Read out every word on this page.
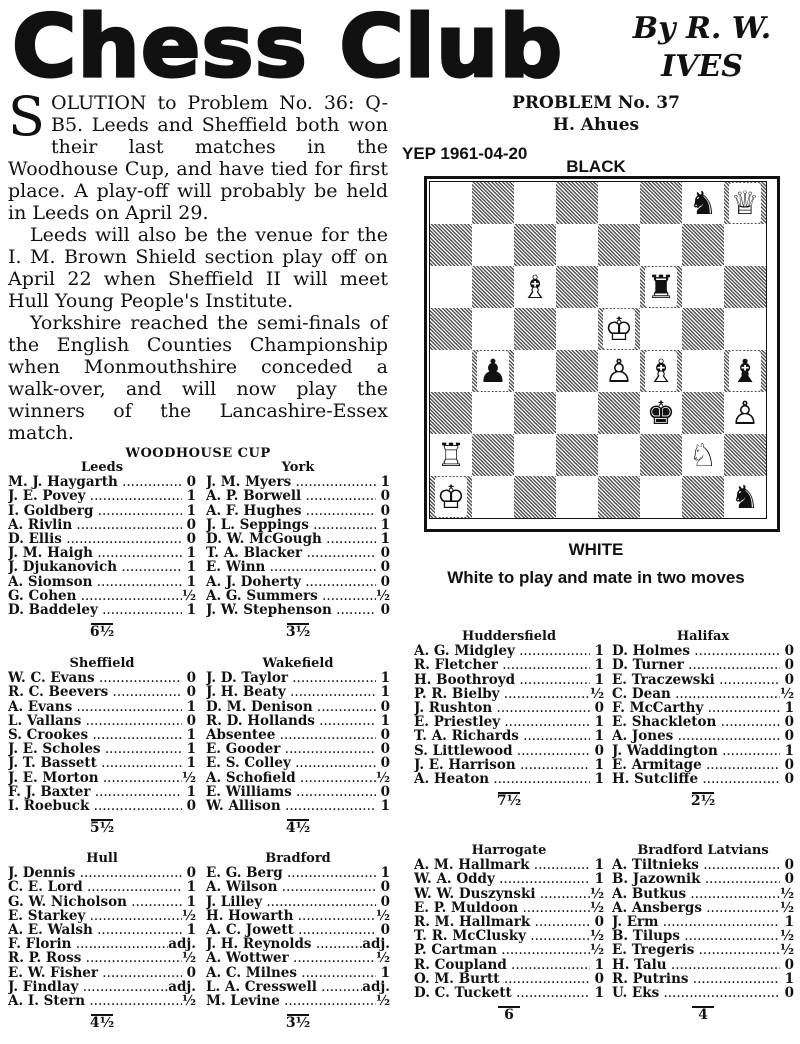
Chess Club	By R. W.
IVES

SOLUTION to Problem No. 36: Q-B5. Leeds and Sheffield both won their last matches in the Woodhouse Cup, and have tied for first place. A play-off will probably be held in Leeds on April 29.

Leeds will also be the venue for the I. M. Brown Shield section play off on April 22 when Sheffield II will meet Hull Young People's Institute.

Yorkshire reached the semi-finals of the English Counties Championship when Monmouthshire conceded a walk-over, and will now play the winners of the Lancashire-Essex match.

PROBLEM No. 37
H. Ahues
YEP 1961-04-20
BLACK
♞ ♕
♗	♜
♔
♟	♙ ♗ ♝
♚ ♙
♖	♘
♔	♞
WHITE
White to play and mate in two moves
WOODHOUSE CUP
Leeds
M. J. Haygarth .....	0
J. E. Povey .....	1
I. Goldberg .....	1
A. Rivlin .....	0
D. Ellis .....	0
J. M. Haigh .....	1
J. Djukanovich .....	1
A. Siomson .....	1
G. Cohen .....	½
D. Baddeley .....	1
6½
York
J. M. Myers .....	1
A. P. Borwell .....	0
A. F. Hughes .....	0
J. L. Seppings .....	1
D. W. McGough .....	1
T. A. Blacker .....	0
E. Winn .....	0
A. J. Doherty .....	0
A. G. Summers .....	½
J. W. Stephenson .....	0
3½
Sheffield
W. C. Evans .....	0
R. C. Beevers .....	0
A. Evans .....	1
L. Vallans .....	0
S. Crookes .....	1
J. E. Scholes .....	1
J. T. Bassett .....	1
J. E. Morton .....	½
F. J. Baxter .....	1
I. Roebuck .....	0
5½
Wakefield
J. D. Taylor .....	1
J. H. Beaty .....	1
D. M. Denison .....	0
R. D. Hollands .....	1
Absentee .....	0
E. Gooder .....	0
E. S. Colley .....	0
A. Schofield .....	½
E. Williams .....	0
W. Allison .....	1
4½
Hull
J. Dennis .....	0
C. E. Lord .....	1
G. W. Nicholson .....	1
E. Starkey .....	½
A. E. Walsh .....	1
F. Florin .....	adj.
R. P. Ross .....	½
E. W. Fisher .....	0
J. Findlay .....	adj.
A. I. Stern .....	½
4½
Bradford
E. G. Berg .....	1
A. Wilson .....	0
J. Lilley .....	0
H. Howarth .....	½
A. C. Jowett .....	0
J. H. Reynolds .....	adj.
A. Wottwer .....	½
A. C. Milnes .....	1
L. A. Cresswell .....	adj.
M. Levine .....	½
3½
Huddersfield
A. G. Midgley .....	1
R. Fletcher .....	1
H. Boothroyd .....	1
P. R. Bielby .....	½
J. Rushton .....	0
E. Priestley .....	1
T. A. Richards .....	1
S. Littlewood .....	0
J. E. Harrison .....	1
A. Heaton .....	1
7½
Halifax
D. Holmes .....	0
D. Turner .....	0
E. Traczewski .....	0
C. Dean .....	½
F. McCarthy .....	1
E. Shackleton .....	0
A. Jones .....	0
J. Waddington .....	1
E. Armitage .....	0
H. Sutcliffe .....	0
2½
Harrogate
A. M. Hallmark .....	1
W. A. Oddy .....	1
W. W. Duszynski .....	½
E. P. Muldoon .....	½
R. M. Hallmark .....	0
T. R. McClusky .....	½
P. Cartman .....	½
R. Coupland .....	1
O. M. Burtt .....	0
D. C. Tuckett .....	1
6
Bradford Latvians
A. Tiltnieks .....	0
B. Jazownik .....	0
A. Butkus .....	½
A. Ansbergs .....	½
J. Erm .....	1
B. Tilups .....	½
E. Tregeris .....	½
H. Talu .....	0
R. Putrins .....	1
U. Eks .....	0
4
